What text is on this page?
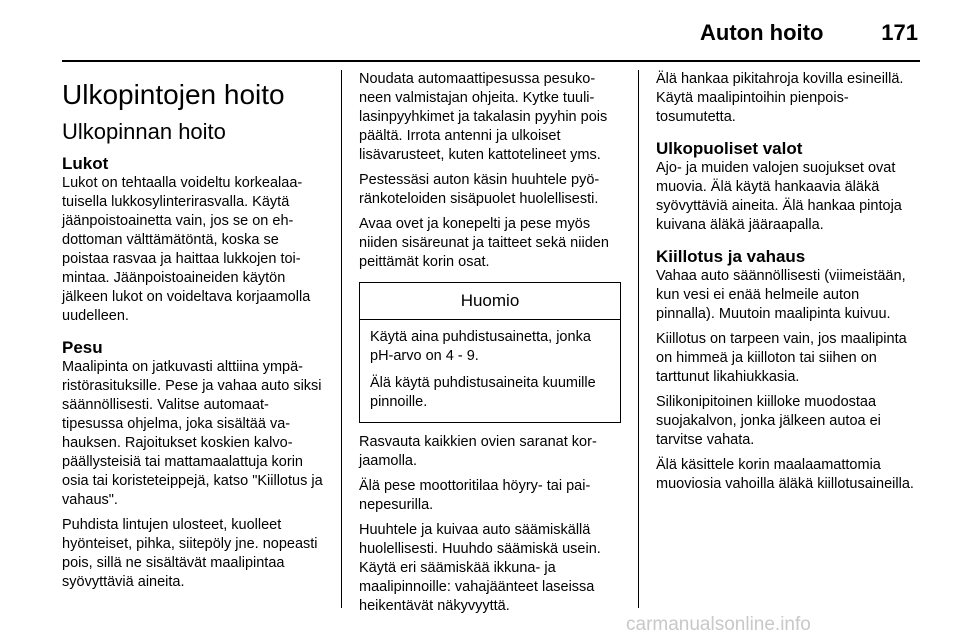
Auton hoito	171
Ulkopintojen hoito
Ulkopinnan hoito
Lukot

Lukot on tehtaalla voideltu korkealaatuisella lukkosylinterirasvalla. Käytä jäänpoistoainetta vain, jos se on ehdottoman välttämätöntä, koska se poistaa rasvaa ja haittaa lukkojen toimintaa. Jäänpoistoaineiden käytön jälkeen lukot on voideltava korjaamolla uudelleen.

Pesu

Maalipinta on jatkuvasti alttiina ympäristörasituksille. Pese ja vahaa auto siksi säännöllisesti. Valitse automaattipesussa ohjelma, joka sisältää vahauksen. Rajoitukset koskien kalvopäällysteisiä tai mattamaalattuja korin osia tai koristeteippejä, katso "Kiillotus ja vahaus".

Puhdista lintujen ulosteet, kuolleet hyönteiset, pihka, siitepöly jne. nopeasti pois, sillä ne sisältävät maalipintaa syövyttäviä aineita.

Noudata automaattipesussa pesukoneen valmistajan ohjeita. Kytke tuulilasinpyyhkimet ja takalasin pyyhin pois päältä. Irrota antenni ja ulkoiset lisävarusteet, kuten kattotelineet yms.

Pestessäsi auton käsin huuhtele pyöränkoteloiden sisäpuolet huolellisesti.

Avaa ovet ja konepelti ja pese myös niiden sisäreunat ja taitteet sekä niiden peittämät korin osat.

Huomio

Käytä aina puhdistusainetta, jonka pH-arvo on 4 - 9.

Älä käytä puhdistusaineita kuumille pinnoille.

Rasvauta kaikkien ovien saranat korjaamolla.

Älä pese moottoritilaa höyry- tai painepesurilla.

Huuhtele ja kuivaa auto säämiskällä huolellisesti. Huuhdo säämiskä usein. Käytä eri säämiskää ikkuna- ja maalipinnoille: vahajäänteet laseissa heikentävät näkyvyyttä.

Älä hankaa pikitahroja kovilla esineillä. Käytä maalipintoihin pienpoistosumutetta.

Ulkopuoliset valot

Ajo- ja muiden valojen suojukset ovat muovia. Älä käytä hankaavia äläkä syövyttäviä aineita. Älä hankaa pintoja kuivana äläkä jääraapalla.

Kiillotus ja vahaus

Vahaa auto säännöllisesti (viimeistään, kun vesi ei enää helmeile auton pinnalla). Muutoin maalipinta kuivuu.

Kiillotus on tarpeen vain, jos maalipinta on himmeä ja kiilloton tai siihen on tarttunut likahiukkasia.

Silikonipitoinen kiilloke muodostaa suojakalvon, jonka jälkeen autoa ei tarvitse vahata.

Älä käsittele korin maalaamattomia muoviosia vahoilla äläkä kiillotusaineilla.

carmanualsonline.info
